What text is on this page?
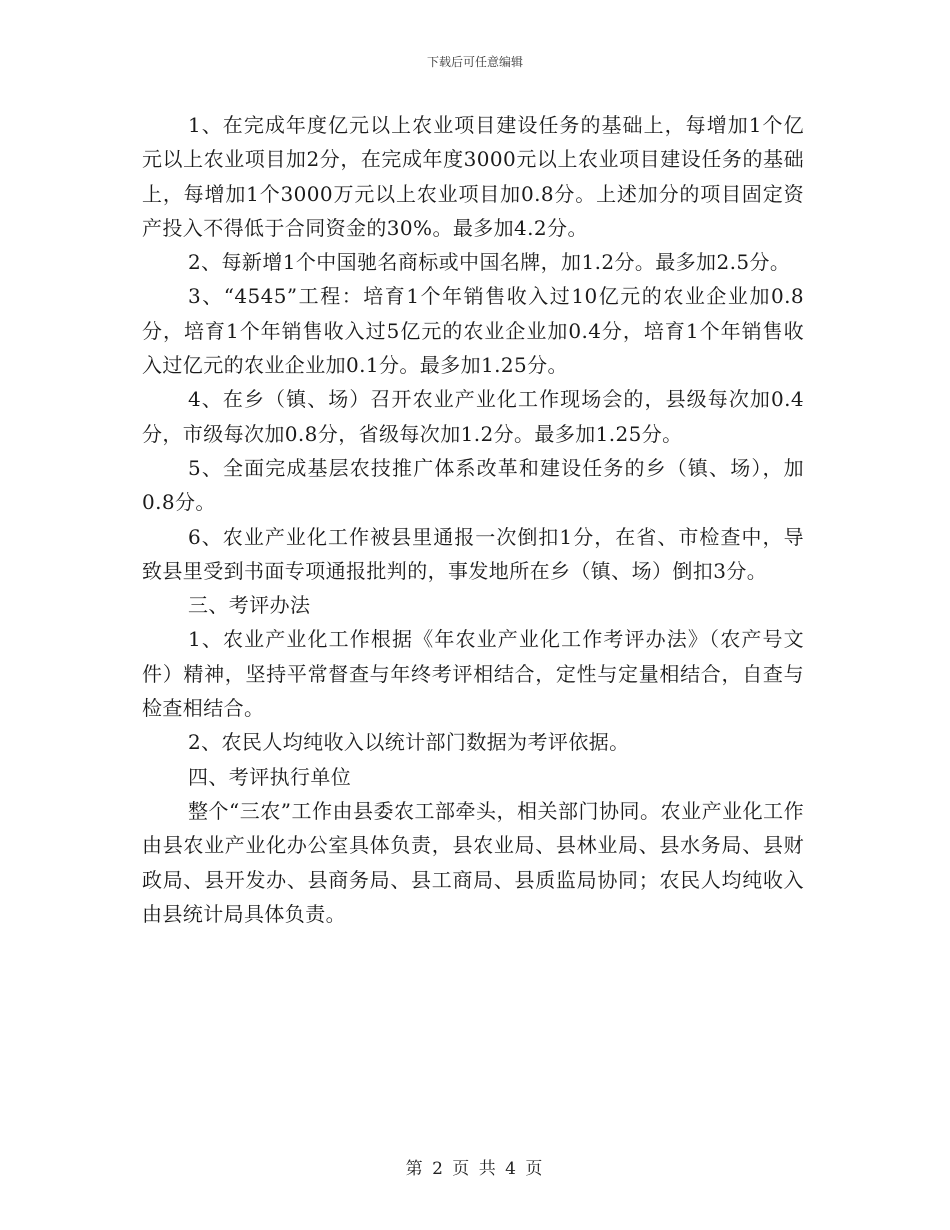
下载后可任意编辑

1、在完成年度亿元以上农业项目建设任务的基础上，每增加1个亿元以上农业项目加2分，在完成年度3000元以上农业项目建设任务的基础上，每增加1个3000万元以上农业项目加0.8分。上述加分的项目固定资产投入不得低于合同资金的30%。最多加4.2分。

2、每新增1个中国驰名商标或中国名牌，加1.2分。最多加2.5分。

3、“4545”工程：培育1个年销售收入过10亿元的农业企业加0.8分，培育1个年销售收入过5亿元的农业企业加0.4分，培育1个年销售收入过亿元的农业企业加0.1分。最多加1.25分。

4、在乡（镇、场）召开农业产业化工作现场会的，县级每次加0.4分，市级每次加0.8分，省级每次加1.2分。最多加1.25分。

5、全面完成基层农技推广体系改革和建设任务的乡（镇、场），加0.8分。

6、农业产业化工作被县里通报一次倒扣1分，在省、市检查中，导致县里受到书面专项通报批判的，事发地所在乡（镇、场）倒扣3分。

三、考评办法

1、农业产业化工作根据《年农业产业化工作考评办法》（农产号文件）精神，坚持平常督查与年终考评相结合，定性与定量相结合，自查与检查相结合。

2、农民人均纯收入以统计部门数据为考评依据。

四、考评执行单位

整个“三农”工作由县委农工部牵头，相关部门协同。农业产业化工作由县农业产业化办公室具体负责，县农业局、县林业局、县水务局、县财政局、县开发办、县商务局、县工商局、县质监局协同；农民人均纯收入由县统计局具体负责。

第 2 页 共 4 页
